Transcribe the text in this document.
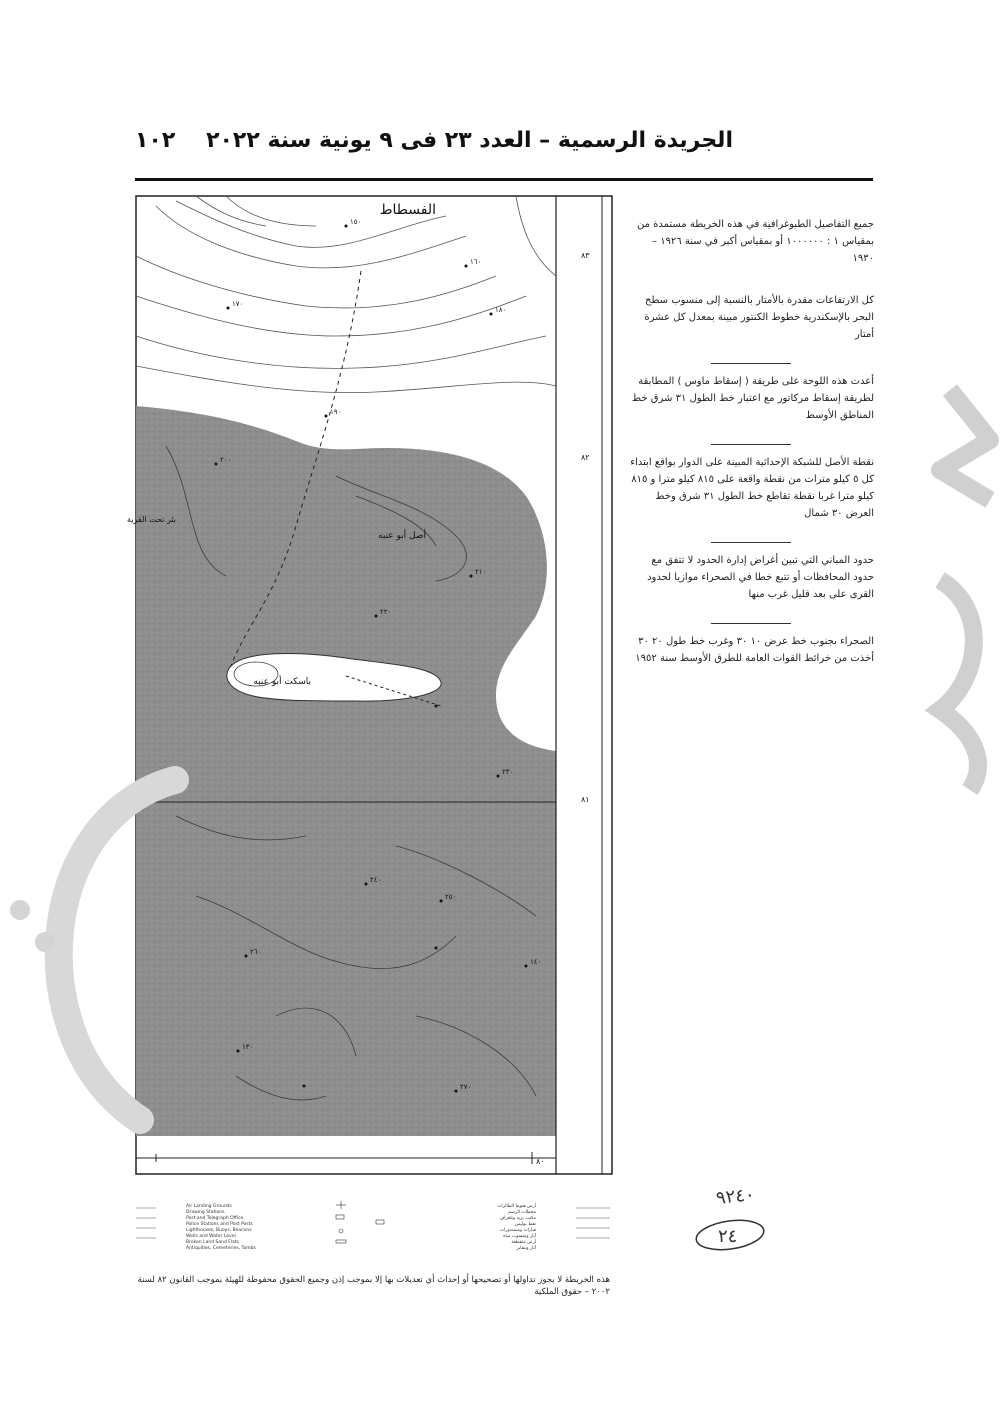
الجريدة الرسمية – العدد ٢٣ فى ٩ يونية سنة ٢٠٢٢
١٠٢
الفسطاط
أصل أبو عنبه
باسكت أبو عنبه
بئر تحت القرية
٨٣
٨٢
٨١
٨٠
١٥٠
١٦٠
١٧٠
١٨٠
١٩٠
٢٠٠
٢١٠
٢٢٠
٢٣٠
٢٤٠
٢٥٠
٢٦٠
١٤٠
١٣٠
٢٧٠
جميع التفاصيل الطبوغرافية في هذه الخريطة مستمدة من بمقياس ١ : ١٠٠٠٠٠٠ أو بمقياس أكبر في سنة ١٩٢٦ – ١٩٣٠
كل الارتفاعات مقدرة بالأمتار بالنسبة إلى منسوب سطح البحر بالإسكندرية خطوط الكنتور مبينة بمعدل كل عشرة أمتار
أعدت هذه اللوحة على طريقة ( إسقاط ماوس ) المطابقة لطريقة إسقاط مركاتور مع اعتبار خط الطول ٣١ شرق خط المناطق الأوسط
نقطة الأصل للشبكة الإحداثية المبينة على الدوار بواقع ابتداء كل ٥ كيلو مترات من نقطة واقعة على ٨١٥ كيلو مترا و ٨١٥ كيلو مترا غربا نقطة تقاطع خط الطول ٣١ شرق وخط العرض ٣٠ شمال
حدود المباني التي تبين أغراض إدارة الحدود لا تتفق مع حدود المحافظات أو تتبع خطا في الصحراء موازيا لحدود القرى على بعد قليل غرب منها
الصحراء بجنوب خط عرض ١٠ ٣٠ وغرب خط طول ٢٠ ٣٠ أخذت من خرائط القوات العامة للطرق الأوسط سنة ١٩٥٢
Air Landing Grounds
Drawing Stations
Post and Telegraph Office
Police Stations and Post Posts
Lighthouses, Buoys, Beacons
Wells and Water Level
Broken Land Sand Flats
Antiquities, Cemeteries, Tombs
أرض هبوط الطائرات
محطات الرسم
مكتب بريد وتلغراف
نقط بوليس
فنارات وشمندورات
آبار ومنسوب مياه
أرض متقطعة
آثار ومقابر
هذه الخريطة لا يجوز تداولها أو تصحيحها أو إحداث أي تعديلات بها إلا بموجب إذن وجميع الحقوق محفوظة للهيئة بموجب القانون ٨٢ لسنة ٢٠٠٢ – حقوق الملكية
٩٢٤٠
٢٤
